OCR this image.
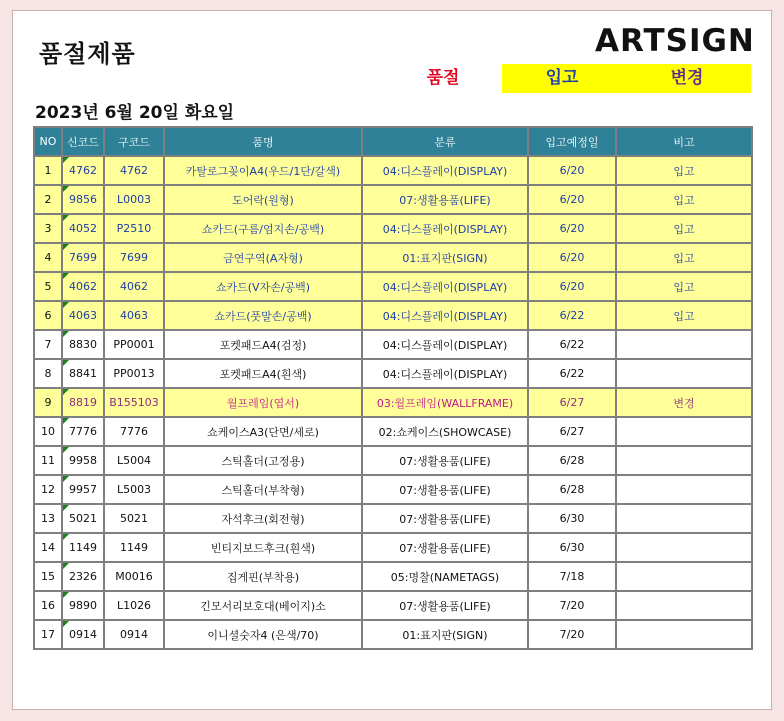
품절제품	ARTSIGN
품절	입고	변경
2023년 6월 20일 화요일
NO	신코드	구코드	품명	분류	입고예정일	비고
1	4762	4762	카탈로그꽂이A4(우드/1단/갈색)	04:디스플레이(DISPLAY)	6/20	입고
2	9856	L0003	도어락(원형)	07:생활용품(LIFE)	6/20	입고
3	4052	P2510	쇼카드(구름/엄지손/공백)	04:디스플레이(DISPLAY)	6/20	입고
4	7699	7699	금연구역(A자형)	01:표지판(SIGN)	6/20	입고
5	4062	4062	쇼카드(V자손/공백)	04:디스플레이(DISPLAY)	6/20	입고
6	4063	4063	쇼카드(풋말손/공백)	04:디스플레이(DISPLAY)	6/22	입고
7	8830	PP0001	포켓패드A4(검정)	04:디스플레이(DISPLAY)	6/22	
8	8841	PP0013	포켓패드A4(흰색)	04:디스플레이(DISPLAY)	6/22	
9	8819	B155103	월프레임(엽서)	03:월프레임(WALLFRAME)	6/27	변경
10	7776	7776	쇼케이스A3(단면/세로)	02:쇼케이스(SHOWCASE)	6/27	
11	9958	L5004	스틱홀더(고정용)	07:생활용품(LIFE)	6/28	
12	9957	L5003	스틱홀더(부착형)	07:생활용품(LIFE)	6/28	
13	5021	5021	자석후크(회전형)	07:생활용품(LIFE)	6/30	
14	1149	1149	빈티지보드후크(흰색)	07:생활용품(LIFE)	6/30	
15	2326	M0016	집게핀(부착용)	05:명찰(NAMETAGS)	7/18	
16	9890	L1026	긴모서리보호대(베이지)소	07:생활용품(LIFE)	7/20	
17	0914	0914	이니셜숫자4 (은색/70)	01:표지판(SIGN)	7/20	
